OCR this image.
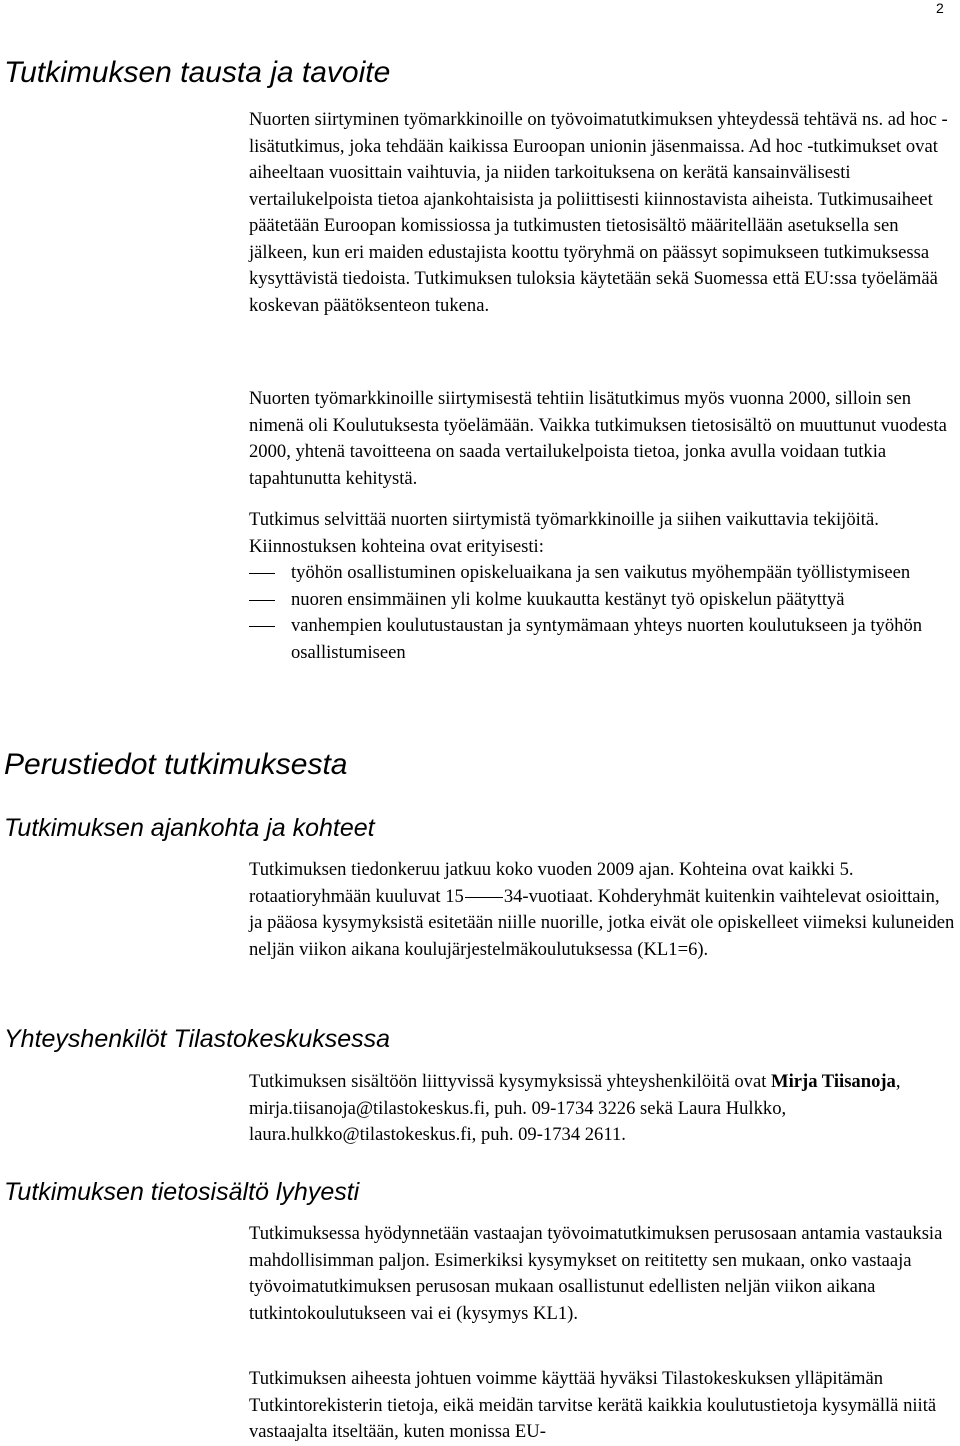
2
Tutkimuksen tausta ja tavoite

Nuorten siirtyminen työmarkkinoille on työvoimatutkimuksen yhteydessä tehtävä ns. ad hoc -lisätutkimus, joka tehdään kaikissa Euroopan unionin jäsenmaissa. Ad hoc -tutkimukset ovat aiheeltaan vuosittain vaihtuvia, ja niiden tarkoituksena on kerätä kansainvälisesti vertailukelpoista tietoa ajankohtaisista ja poliittisesti kiinnostavista aiheista. Tutkimusaiheet päätetään Euroopan komissiossa ja tutkimusten tietosisältö määritellään asetuksella sen jälkeen, kun eri maiden edustajista koottu työryhmä on päässyt sopimukseen tutkimuksessa kysyttävistä tiedoista. Tutkimuksen tuloksia käytetään sekä Suomessa että EU:ssa työelämää koskevan päätöksenteon tukena.

Nuorten työmarkkinoille siirtymisestä tehtiin lisätutkimus myös vuonna 2000, silloin sen nimenä oli Koulutuksesta työelämään. Vaikka tutkimuksen tietosisältö on muuttunut vuodesta 2000, yhtenä tavoitteena on saada vertailukelpoista tietoa, jonka avulla voidaan tutkia tapahtunutta kehitystä.

Tutkimus selvittää nuorten siirtymistä työmarkkinoille ja siihen vaikuttavia tekijöitä. Kiinnostuksen kohteina ovat erityisesti:

työhön osallistuminen opiskeluaikana ja sen vaikutus myöhempään työllistymiseen
nuoren ensimmäinen yli kolme kuukautta kestänyt työ opiskelun päätyttyä
vanhempien koulutustaustan ja syntymämaan yhteys nuorten koulutukseen ja työhön osallistumiseen
Perustiedot tutkimuksesta
Tutkimuksen ajankohta ja kohteet

Tutkimuksen tiedonkeruu jatkuu koko vuoden 2009 ajan. Kohteina ovat kaikki 5. rotaatioryhmään kuuluvat 15 34-vuotiaat. Kohderyhmät kuitenkin vaihtelevat osioittain, ja pääosa kysymyksistä esitetään niille nuorille, jotka eivät ole opiskelleet viimeksi kuluneiden neljän viikon aikana koulujärjestelmäkoulutuksessa (KL1=6).

Yhteyshenkilöt Tilastokeskuksessa

Tutkimuksen sisältöön liittyvissä kysymyksissä yhteyshenkilöitä ovat Mirja Tiisanoja, mirja.tiisanoja@tilastokeskus.fi, puh. 09-1734 3226 sekä Laura Hulkko, laura.hulkko@tilastokeskus.fi, puh. 09-1734 2611.

Tutkimuksen tietosisältö lyhyesti

Tutkimuksessa hyödynnetään vastaajan työvoimatutkimuksen perusosaan antamia vastauksia mahdollisimman paljon. Esimerkiksi kysymykset on reititetty sen mukaan, onko vastaaja työvoimatutkimuksen perusosan mukaan osallistunut edellisten neljän viikon aikana tutkintokoulutukseen vai ei (kysymys KL1).

Tutkimuksen aiheesta johtuen voimme käyttää hyväksi Tilastokeskuksen ylläpitämän Tutkintorekisterin tietoja, eikä meidän tarvitse kerätä kaikkia koulutustietoja kysymällä niitä vastaajalta itseltään, kuten monissa EU-
